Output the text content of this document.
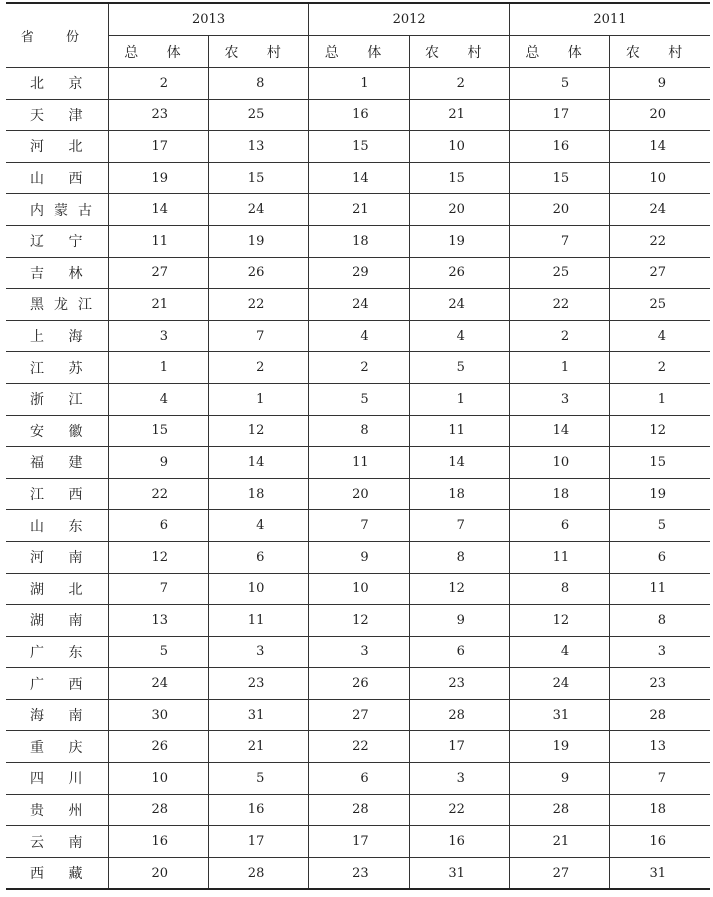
省 份	2013		2012		2011	
	总 体	农 村	总 体	农 村	总 体	农 村
北 京	2	8	1	2	5	9
天 津	23	25	16	21	17	20
河 北	17	13	15	10	16	14
山 西	19	15	14	15	15	10
内蒙古	14	24	21	20	20	24
辽 宁	11	19	18	19	7	22
吉 林	27	26	29	26	25	27
黑龙江	21	22	24	24	22	25
上 海	3	7	4	4	2	4
江 苏	1	2	2	5	1	2
浙 江	4	1	5	1	3	1
安 徽	15	12	8	11	14	12
福 建	9	14	11	14	10	15
江 西	22	18	20	18	18	19
山 东	6	4	7	7	6	5
河 南	12	6	9	8	11	6
湖 北	7	10	10	12	8	11
湖 南	13	11	12	9	12	8
广 东	5	3	3	6	4	3
广 西	24	23	26	23	24	23
海 南	30	31	27	28	31	28
重 庆	26	21	22	17	19	13
四 川	10	5	6	3	9	7
贵 州	28	16	28	22	28	18
云 南	16	17	17	16	21	16
西 藏	20	28	23	31	27	31
